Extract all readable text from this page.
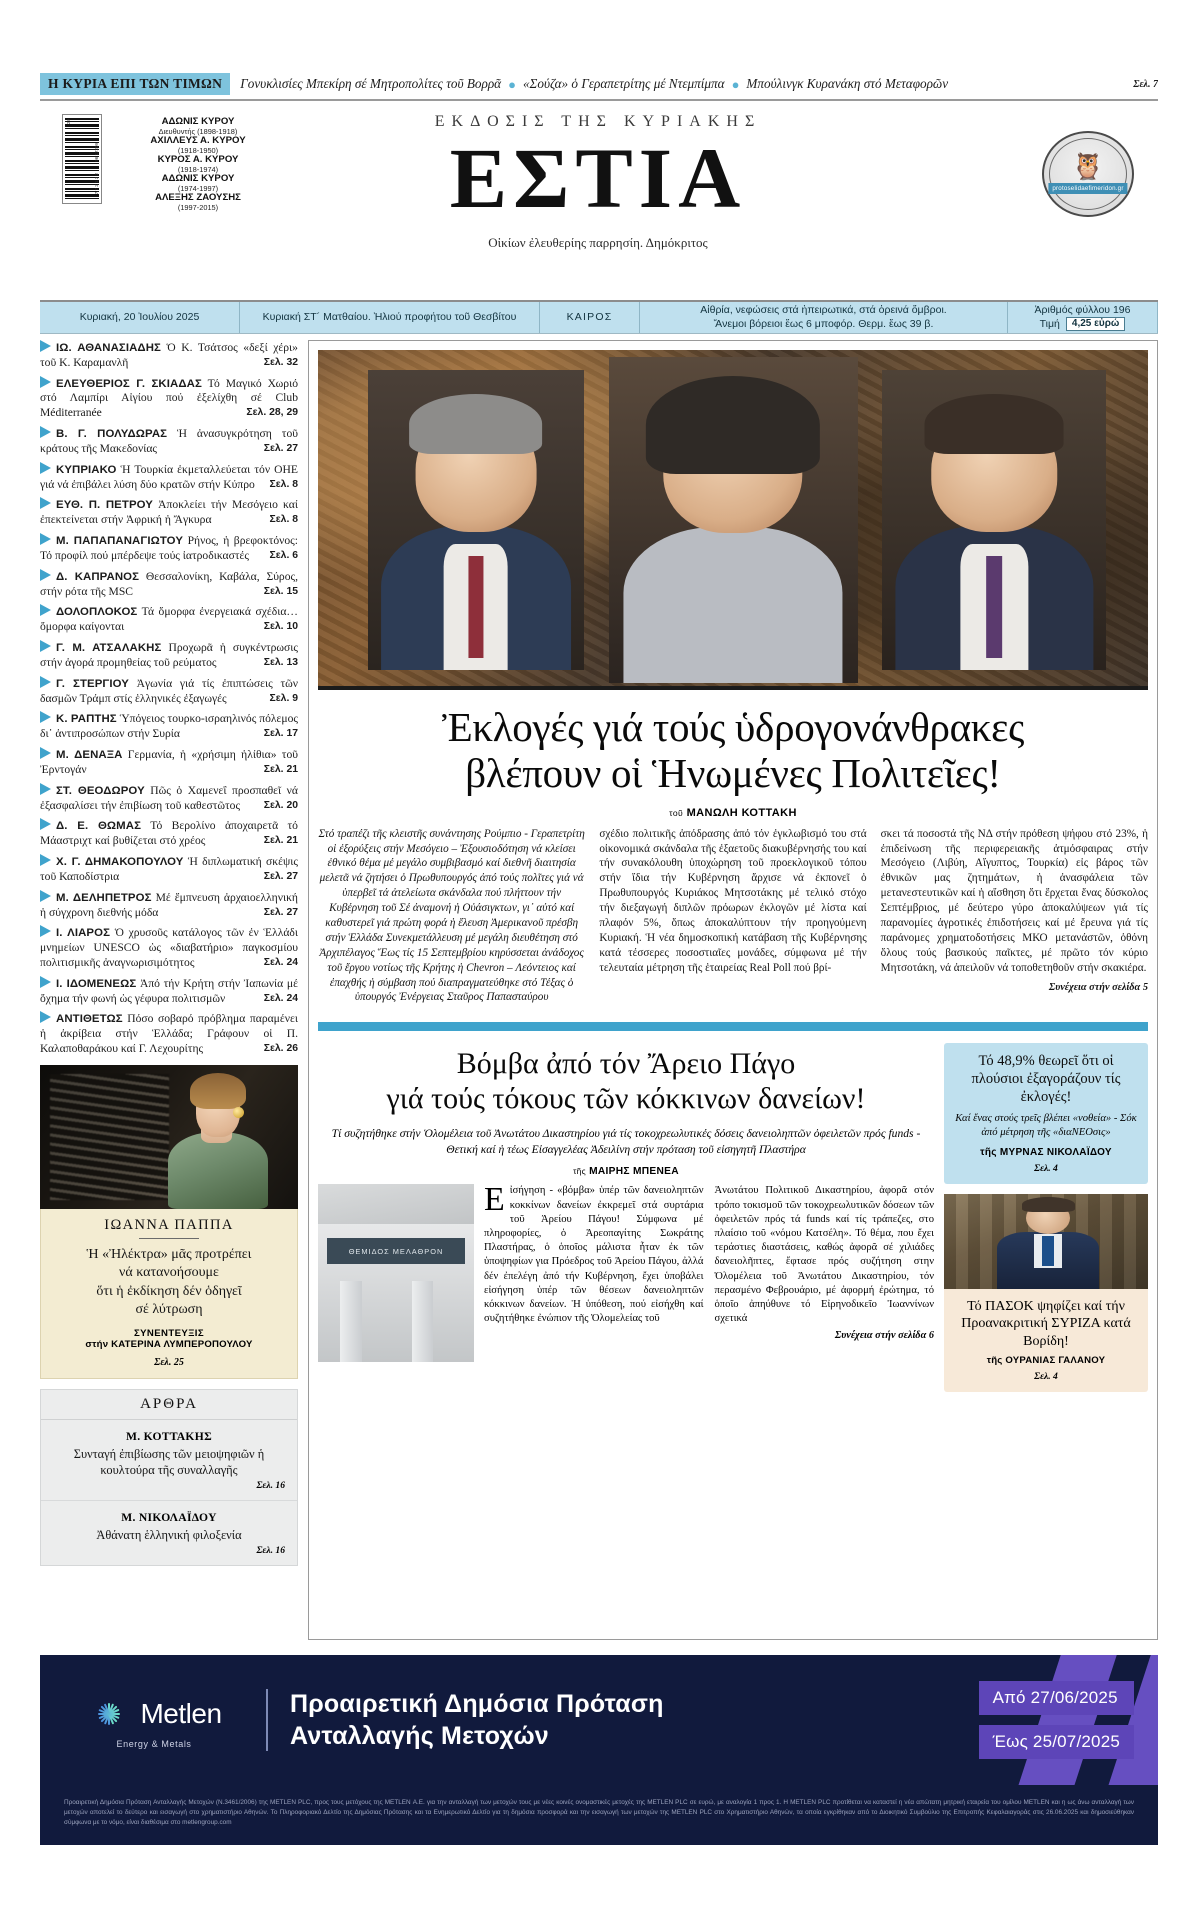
Η ΚΥΡΙΑ ΕΠΙ ΤΩΝ ΤΙΜΩΝ	Γονυκλισίες Μπεκίρη σέ Μητροπολίτες τοῦ Βορρᾶ ● «Σούζα» ὁ Γεραπετρίτης μέ Ντεμπίμπα ● Μπούλινγκ Κυρανάκη στό Μεταφορῶν	Σελ. 7
29
96 17209
7 7 2 1 3 2
ΑΔΩΝΙΣ ΚΥΡΟΥ
Διευθυντής (1898-1918)
ΑΧΙΛΛΕΥΣ Α. ΚΥΡΟΥ
(1918-1950)
ΚΥΡΟΣ Α. ΚΥΡΟΥ
(1918-1974)
ΑΔΩΝΙΣ ΚΥΡΟΥ
(1974-1997)
ΑΛΕΞΗΣ ΖΑΟΥΣΗΣ
(1997-2015)
ΕΚΔΟΣΙΣ ΤΗΣ ΚΥΡΙΑΚΗΣ
ΕΣΤΙΑ
Οἰκίων ἐλευθερίης παρρησίη. Δημόκριτος
🦉
protoselidaefimeridon.gr
Κυριακή, 20 Ἰουλίου 2025	Κυριακή ΣΤ´ Ματθαίου. Ἠλιού προφήτου τοῦ Θεσβίτου	ΚΑΙΡΟΣ
Αἰθρία, νεφώσεις στά ἠπειρωτικά, στά ὀρεινά ὄμβροι.
Ἄνεμοι βόρειοι ἕως 6 μποφόρ. Θερμ. ἕως 39 β.
Ἀριθμός φύλλου 196
Τιμή	4,25 εὐρώ
ΙΩ. ΑΘΑΝΑΣΙΑΔΗΣ Ὁ Κ. Τσάτσος «δεξί χέρι» τοῦ Κ. Καραμανλῆ	Σελ. 32
ΕΛΕΥΘΕΡΙΟΣ Γ. ΣΚΙΑΔΑΣ Τό Μαγικό Χωριό στό Λαμπίρι Αἰγίου πού ἐξελίχθη σέ Club Méditerranée	Σελ. 28, 29
Β. Γ. ΠΟΛΥΔΩΡΑΣ Ἡ ἀνασυγκρότηση τοῦ κράτους τῆς Μακεδονίας	Σελ. 27
ΚΥΠΡΙΑΚΟ Ἡ Τουρκία ἐκμεταλλεύεται τόν ΟΗΕ γιά νά ἐπιβάλει λύση δύο κρατῶν στήν Κύπρο Σελ. 8
ΕΥΘ. Π. ΠΕΤΡΟΥ Ἀποκλείει τήν Μεσόγειο καί ἐπεκτείνεται στήν Ἀφρική ἡ Ἄγκυρα	Σελ. 8
Μ. ΠΑΠΑΠΑΝΑΓΙΩΤΟΥ Ρήνος, ἡ βρεφοκτόνος: Τό προφίλ πού μπέρδεψε τούς ἰατροδικαστές Σελ. 6
Δ. ΚΑΠΡΑΝΟΣ Θεσσαλονίκη, Καβάλα, Σύρος, στήν ρότα τῆς MSC	Σελ. 15
ΔΟΛΟΠΛΟΚΟΣ Τά ὄμορφα ἐνεργειακά σχέδια… ὄμορφα καίγονται	Σελ. 10
Γ. Μ. ΑΤΣΑΛΑΚΗΣ Προχωρᾶ ἡ συγκέντρωσις στήν ἀγορά προμηθείας τοῦ ρεύματος	Σελ. 13
Γ. ΣΤΕΡΓΙΟΥ Ἀγωνία γιά τίς ἐπιπτώσεις τῶν δασμῶν Τράμπ στίς ἑλληνικές ἐξαγωγές	Σελ. 9
Κ. ΡΑΠΤΗΣ Ὑπόγειος τουρκο-ισραηλινός πόλεμος δι᾽ ἀντιπροσώπων στήν Συρία	Σελ. 17
Μ. ΔΕΝΑΞΑ Γερμανία, ἡ «χρήσιμη ἠλίθια» τοῦ Ἐρντογάν	Σελ. 21
ΣΤ. ΘΕΟΔΩΡΟΥ Πῶς ὁ Χαμενεΐ προσπαθεῖ νά ἐξασφαλίσει τήν ἐπιβίωση τοῦ καθεστῶτος Σελ. 20
Δ. Ε. ΘΩΜΑΣ Τό Βερολίνο ἀποχαιρετᾶ τό Μάαστριχτ καί βυθίζεται στό χρέος	Σελ. 21
Χ. Γ. ΔΗΜΑΚΟΠΟΥΛΟΥ Ἡ διπλωματική σκέψις τοῦ Καποδίστρια	Σελ. 27
Μ. ΔΕΛΗΠΕΤΡΟΣ Μέ ἔμπνευση ἀρχαιοελληνική ἡ σύγχρονη διεθνής μόδα	Σελ. 27
Ι. ΛΙΑΡΟΣ Ὁ χρυσοῦς κατάλογος τῶν ἐν Ἑλλάδι μνημείων UNESCO ὡς «διαβατήριο» παγκοσμίου πολιτισμικῆς ἀναγνωρισιμότητος	Σελ. 24
Ι. ΙΔΟΜΕΝΕΩΣ Ἀπό τήν Κρήτη στήν Ἰαπωνία μέ ὄχημα τήν φωνή ὡς γέφυρα πολιτισμῶν	Σελ. 24
ΑΝΤΙΘΕΤΩΣ Πόσο σοβαρό πρόβλημα παραμένει ἡ ἀκρίβεια στήν Ἑλλάδα; Γράφουν οἱ Π. Καλαποθαράκου καί Γ. Λεχουρίτης	Σελ. 26
ΙΩΑΝΝΑ ΠΑΠΠΑ
Ἡ «Ἠλέκτρα» μᾶς προτρέπει
νά κατανοήσουμε
ὅτι ἡ ἐκδίκηση δέν ὁδηγεῖ
σέ λύτρωση
ΣΥΝΕΝΤΕΥΞΙΣ
στήν ΚΑΤΕΡΙΝΑ ΛΥΜΠΕΡΟΠΟΥΛΟΥ
Σελ. 25
ΑΡΘΡΑ
Μ. ΚΟΤΤΑΚΗΣ
Συνταγή ἐπιβίωσης τῶν μειοψηφιῶν ἡ κουλτούρα τῆς συναλλαγῆς
Σελ. 16
Μ. ΝΙΚΟΛΑΪΔΟΥ
Ἀθάνατη ἑλληνική φιλοξενία
Σελ. 16
Ἐκλογές γιά τούς ὑδρογονάνθρακες
βλέπουν οἱ Ἡνωμένες Πολιτεῖες!
τοῦ ΜΑΝΩΛΗ ΚΟΤΤΑΚΗ

Στό τραπέζι τῆς κλειστῆς συνάντησης Ρούμπιο - Γεραπετρίτη οἱ ἐξορύξεις στήν Μεσόγειο – Ἐξουσιοδότηση νά κλείσει ἐθνικό θέμα μέ μεγάλο συμβιβασμό καί διεθνῆ διαιτησία μελετᾶ νά ζητήσει ὁ Πρωθυπουργός ἀπό τούς πολῖτες γιά νά ὑπερβεῖ τά ἀτελείωτα σκάνδαλα πού πλήττουν τήν Κυβέρνηση τοῦ Σέ ἀναμονή ἡ Οὐάσιγκτων, γι᾽ αὐτό καί καθυστερεῖ γιά πρώτη φορά ἡ ἔλευση Ἀμερικανοῦ πρέσβη στήν Ἑλλάδα Συνεκμετάλλευση μέ μεγάλη διευθέτηση στό Ἀρχιπέλαγος Ἕως τίς 15 Σεπτεμβρίου κηρύσσεται ἀνάδοχος τοῦ ἔργου νοτίως τῆς Κρήτης ἡ Chevron – Λεόντειος καί ἐπαχθής ἡ σύμβαση πού διαπραγματεύθηκε στό Τέξας ὁ ὑπουργός Ἐνέργειας Σταῦρος Παπασταύρου

σχέδιο πολιτικῆς ἀπόδρασης ἀπό τόν ἐγκλωβισμό του στά οἰκονομικά σκάνδαλα τῆς ἐξαετοῦς διακυβέρνησής του καί τήν συνακόλουθη ὑποχώρηση τοῦ προεκλογικοῦ τόπου στήν ἴδια τήν Κυβέρνηση ἄρχισε νά ἐκπονεῖ ὁ Πρωθυπουργός Κυριάκος Μητσοτάκης μέ τελικό στόχο τήν διεξαγωγή διπλῶν πρόωρων ἐκλογῶν μέ λίστα καί πλαφόν 5%, ὅπως ἀποκαλύπτουν τήν προηγούμενη Κυριακή. Ἡ νέα δημοσκοπική κατάβαση τῆς Κυβέρνησης κατά τέσσερες ποσοστιαῖες μονάδες, σύμφωνα μέ τήν τελευταία μέτρηση τῆς ἑταιρείας Real Poll πού βρί-

σκει τά ποσοστά τῆς ΝΔ στήν πρόθεση ψήφου στό 23%, ἡ ἐπιδείνωση τῆς περιφερειακῆς ἀτμόσφαιρας στήν Μεσόγειο (Λιβύη, Αἴγυπτος, Τουρκία) εἰς βάρος τῶν ἐθνικῶν μας ζητημάτων, ἡ ἀνασφάλεια τῶν μετανεστευτικῶν καί ἡ αἴσθηση ὅτι ἔρχεται ἕνας δύσκολος Σεπτέμβριος, μέ δεύτερο γύρο ἀποκαλύψεων γιά τίς παρανομίες ἀγροτικές ἐπιδοτήσεις καί μέ ἔρευνα γιά τίς παράνομες χρηματοδοτήσεις ΜΚΟ μετανάστῶν, ὀθόνη ὅλους τούς βασικούς παῖκτες, μέ πρῶτο τόν κύριο Μητσοτάκη, νά ἀπειλοῦν νά τοποθετηθοῦν στήν σκακιέρα.

Συνέχεια στήν σελίδα 5
Βόμβα ἀπό τόν Ἄρειο Πάγο
γιά τούς τόκους τῶν κόκκινων δανείων!
Τί συζητήθηκε στήν Ὁλομέλεια τοῦ Ἀνωτάτου Δικαστηρίου γιά τίς τοκοχρεωλυτικές δόσεις δανειοληπτῶν ὀφειλετῶν πρός funds - Θετική καί ἡ τέως Εἰσαγγελέας Ἀδειλίνη στήν πρόταση τοῦ εἰσηγητῆ Πλαστήρα
τῆς ΜΑΙΡΗΣ ΜΠΕΝΕΑ
ΘΕΜΙΔΟΣ ΜΕΛΑΘΡΟΝ
Ε ἰσήγηση - «βόμβα» ὑπέρ τῶν δανειοληπτῶν κοκκίνων δανείων ἐκκρεμεῖ στά συρτάρια τοῦ Ἀρείου Πάγου! Σύμφωνα μέ πληροφορίες, ὁ Ἀρεοπαγίτης Σωκράτης Πλαστήρας, ὁ ὁποῖος μάλιστα ἦταν ἐκ τῶν ὑποψηφίων για Πρόεδρος τοῦ Ἀρείου Πάγου, ἀλλά δέν ἐπελέγη ἀπό τήν Κυβέρνηση, ἔχει ὑποβάλει εἰσήγηση ὑπέρ τῶν θέσεων δανειοληπτῶν κόκκινων δανείων. Ἡ ὑπόθεση, πού εἰσήχθη καί συζητήθηκε ἐνώπιον τῆς Ὁλομελείας τοῦ
Ἀνωτάτου Πολιτικοῦ Δικαστηρίου, ἀφορᾶ στόν τρόπο τοκισμοῦ τῶν τοκοχρεωλυτικῶν δόσεων τῶν ὀφειλετῶν πρός τά funds καί τίς τράπεζες, στο πλαίσιο τοῦ «νόμου Κατσέλη». Τό θέμα, που ἔχει τεράστιες διαστάσεις, καθώς ἀφορᾶ σέ χιλιάδες δανειολῆπτες, ἔφτασε πρός συζήτηση στην Ὁλομέλεια τοῦ Ἀνωτάτου Δικαστηρίου, τόν περασμένο Φεβρουάριο, μέ ἀφορμή ἐρώτημα, τό ὁποῖο ἀπηύθυνε τό Εἰρηνοδικεῖο Ἰωαννίνων σχετικά
Συνέχεια στήν σελίδα 6
Τό 48,9% θεωρεῖ ὅτι οἱ πλούσιοι ἐξαγοράζουν τίς ἐκλογές!
Καί ἕνας στούς τρεῖς βλέπει «νοθεία» - Σόκ ἀπό μέτρηση τῆς «διαΝΕΟσις»
τῆς ΜΥΡΝΑΣ ΝΙΚΟΛΑΪΔΟΥ
Σελ. 4
Τό ΠΑΣΟΚ ψηφίζει καί τήν Προανακριτική ΣΥΡΙΖΑ κατά Βορίδη!
τῆς ΟΥΡΑΝΙΑΣ ΓΑΛΑΝΟΥ
Σελ. 4
Metlen
Energy & Metals
Προαιρετική Δημόσια Πρόταση
Ανταλλαγής Μετοχών
Από 27/06/2025
Έως 25/07/2025
Προαιρετική Δημόσια Πρόταση Ανταλλαγής Μετοχών (Ν.3461/2006) της METLEN PLC, προς τους μετόχους της METLEN Α.Ε. για την ανταλλαγή των μετοχών τους με νέες κοινές ονομαστικές μετοχές της METLEN PLC σε ευρώ, με αναλογία 1 προς 1. Η METLEN PLC προτίθεται να καταστεί η νέα απώτατη μητρική εταιρεία του ομίλου METLEN και η ως άνω ανταλλαγή των μετοχών αποτελεί το δεύτερο και εισαγωγή στο χρηματιστήριο Αθηνών. Το Πληροφοριακό Δελτίο της Δημόσιας Πρότασης και τα Ενημερωτικό Δελτίο για τη δημόσια προσφορά και την εισαγωγή των μετοχών της METLEN PLC στο Χρηματιστήριο Αθηνών, τα οποία εγκρίθηκαν από το Διοικητικό Συμβούλιο της Επιτροπής Κεφαλαιαγοράς στις 26.06.2025 και δημοσιεύθηκαν σύμφωνα με το νόμο, είναι διαθέσιμα στο metlengroup.com
